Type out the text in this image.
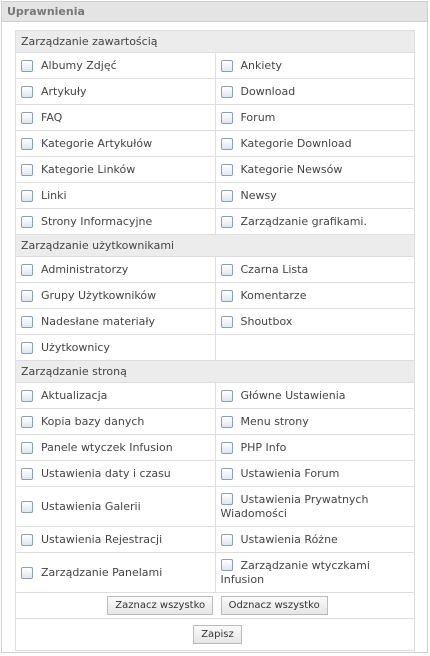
Uprawnienia
Zarządzanie zawartością	

Albumy Zdjęć	Ankiety

Artykuły	Download

FAQ	Forum

Kategorie Artykułów	Kategorie Download

Kategorie Linków	Kategorie Newsów

Linki	Newsy

Strony Informacyjne	Zarządzanie grafikami.

Zarządzanie użytkownikami	

Administratorzy	Czarna Lista

Grupy Użytkowników	Komentarze

Nadesłane materiały	Shoutbox

Użytkownicy	

Zarządzanie stroną	

Aktualizacja	Główne Ustawienia

Kopia bazy danych	Menu strony

Panele wtyczek Infusion	PHP Info

Ustawienia daty i czasu	Ustawienia Forum

Ustawienia Galerii	Ustawienia Prywatnych Wiadomości

Ustawienia Rejestracji	Ustawienia Różne

Zarządzanie Panelami	Zarządzanie wtyczkami Infusion

Zaznacz wszystko Odznacz wszystko	
Zapisz	
